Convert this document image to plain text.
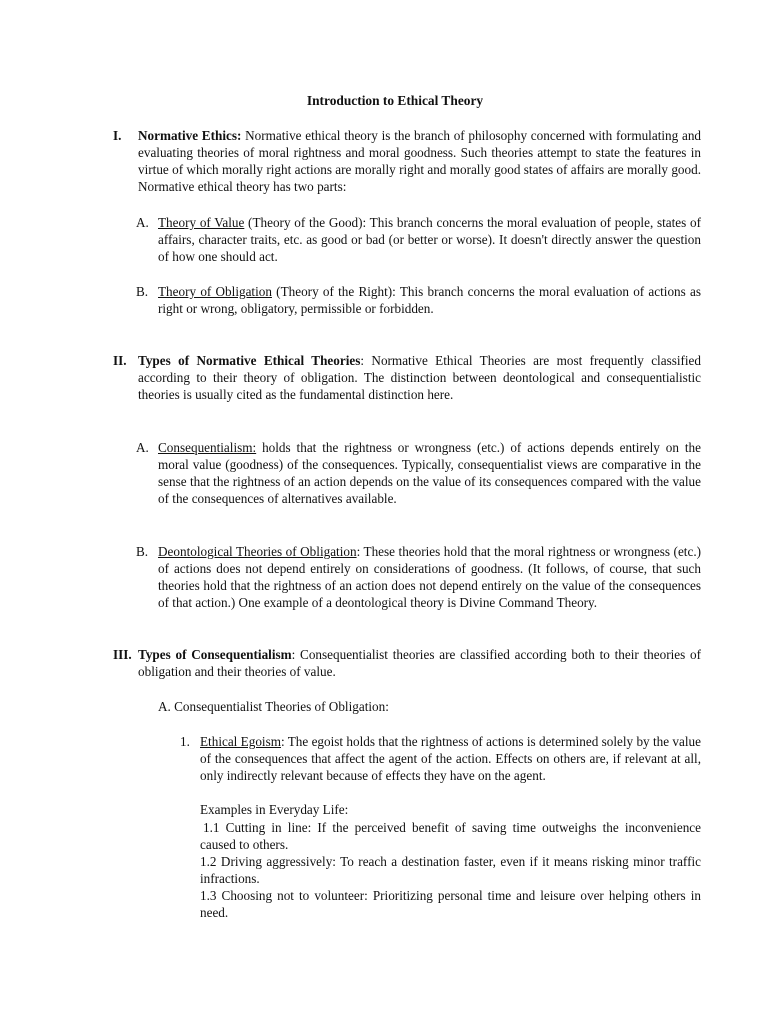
Introduction to Ethical Theory
I. Normative Ethics: Normative ethical theory is the branch of philosophy concerned with formulating and evaluating theories of moral rightness and moral goodness. Such theories attempt to state the features in virtue of which morally right actions are morally right and morally good states of affairs are morally good. Normative ethical theory has two parts:
A. Theory of Value (Theory of the Good): This branch concerns the moral evaluation of people, states of affairs, character traits, etc. as good or bad (or better or worse). It doesn't directly answer the question of how one should act.
B. Theory of Obligation (Theory of the Right): This branch concerns the moral evaluation of actions as right or wrong, obligatory, permissible or forbidden.
II. Types of Normative Ethical Theories: Normative Ethical Theories are most frequently classified according to their theory of obligation. The distinction between deontological and consequentialistic theories is usually cited as the fundamental distinction here.
A. Consequentialism: holds that the rightness or wrongness (etc.) of actions depends entirely on the moral value (goodness) of the consequences. Typically, consequentialist views are comparative in the sense that the rightness of an action depends on the value of its consequences compared with the value of the consequences of alternatives available.
B. Deontological Theories of Obligation: These theories hold that the moral rightness or wrongness (etc.) of actions does not depend entirely on considerations of goodness. (It follows, of course, that such theories hold that the rightness of an action does not depend entirely on the value of the consequences of that action.) One example of a deontological theory is Divine Command Theory.
III. Types of Consequentialism: Consequentialist theories are classified according both to their theories of obligation and their theories of value.
A. Consequentialist Theories of Obligation:
1. Ethical Egoism: The egoist holds that the rightness of actions is determined solely by the value of the consequences that affect the agent of the action. Effects on others are, if relevant at all, only indirectly relevant because of effects they have on the agent.
Examples in Everyday Life:
1.1 Cutting in line: If the perceived benefit of saving time outweighs the inconvenience caused to others.
1.2 Driving aggressively: To reach a destination faster, even if it means risking minor traffic infractions.
1.3 Choosing not to volunteer: Prioritizing personal time and leisure over helping others in need.
